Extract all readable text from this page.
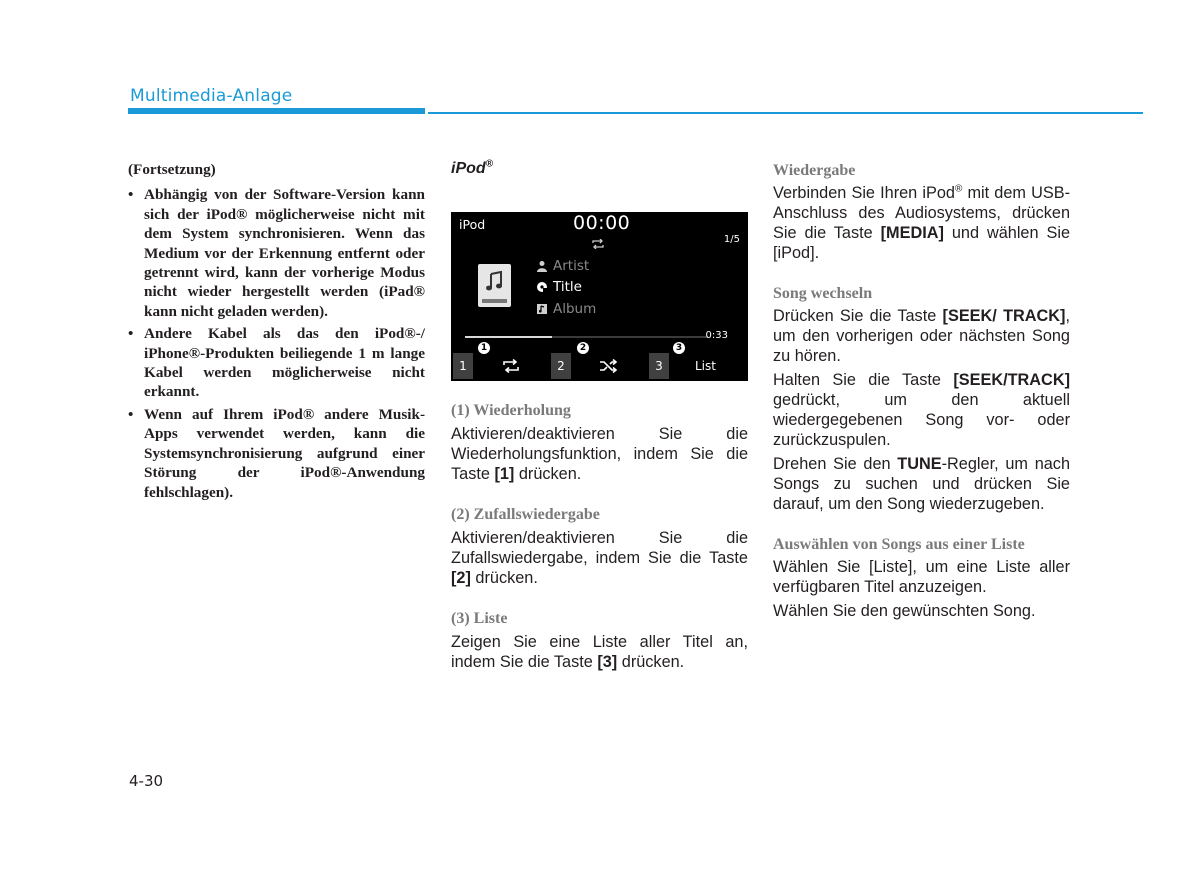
Multimedia-Anlage

(Fortsetzung)

• Abhängig von der Software-Version kann sich der iPod® möglicherweise nicht mit dem System synchronisieren. Wenn das Medium vor der Erkennung entfernt oder getrennt wird, kann der vorherige Modus nicht wieder hergestellt werden (iPad® kann nicht geladen werden).
• Andere Kabel als das den iPod®-/ iPhone®-Produkten beiliegende 1 m lange Kabel werden möglicherweise nicht erkannt.
• Wenn auf Ihrem iPod® andere Musik-Apps verwendet werden, kann die Systemsynchronisierung aufgrund einer Störung der iPod®-Anwendung fehlschlagen).

iPod®

(1) Wiederholung

Aktivieren/deaktivieren Sie die Wiederholungsfunktion, indem Sie die Taste [1] drücken.

(2) Zufallswiedergabe

Aktivieren/deaktivieren Sie die Zufallswiedergabe, indem Sie die Taste [2] drücken.

(3) Liste

Zeigen Sie eine Liste aller Titel an, indem Sie die Taste [3] drücken.

iPod	00:00
1/5
Artist
Title
Album
0:33
1	2	3
1	2	3	List

Wiedergabe

Verbinden Sie Ihren iPod® mit dem USB-Anschluss des Audiosystems, drücken Sie die Taste [MEDIA] und wählen Sie [iPod].

Song wechseln

Drücken Sie die Taste [SEEK/ TRACK], um den vorherigen oder nächsten Song zu hören.

Halten Sie die Taste [SEEK/TRACK] gedrückt, um den aktuell wiedergegebenen Song vor- oder zurückzuspulen.

Drehen Sie den TUNE-Regler, um nach Songs zu suchen und drücken Sie darauf, um den Song wiederzugeben.

Auswählen von Songs aus einer Liste

Wählen Sie [Liste], um eine Liste aller verfügbaren Titel anzuzeigen.

Wählen Sie den gewünschten Song.

4-30
